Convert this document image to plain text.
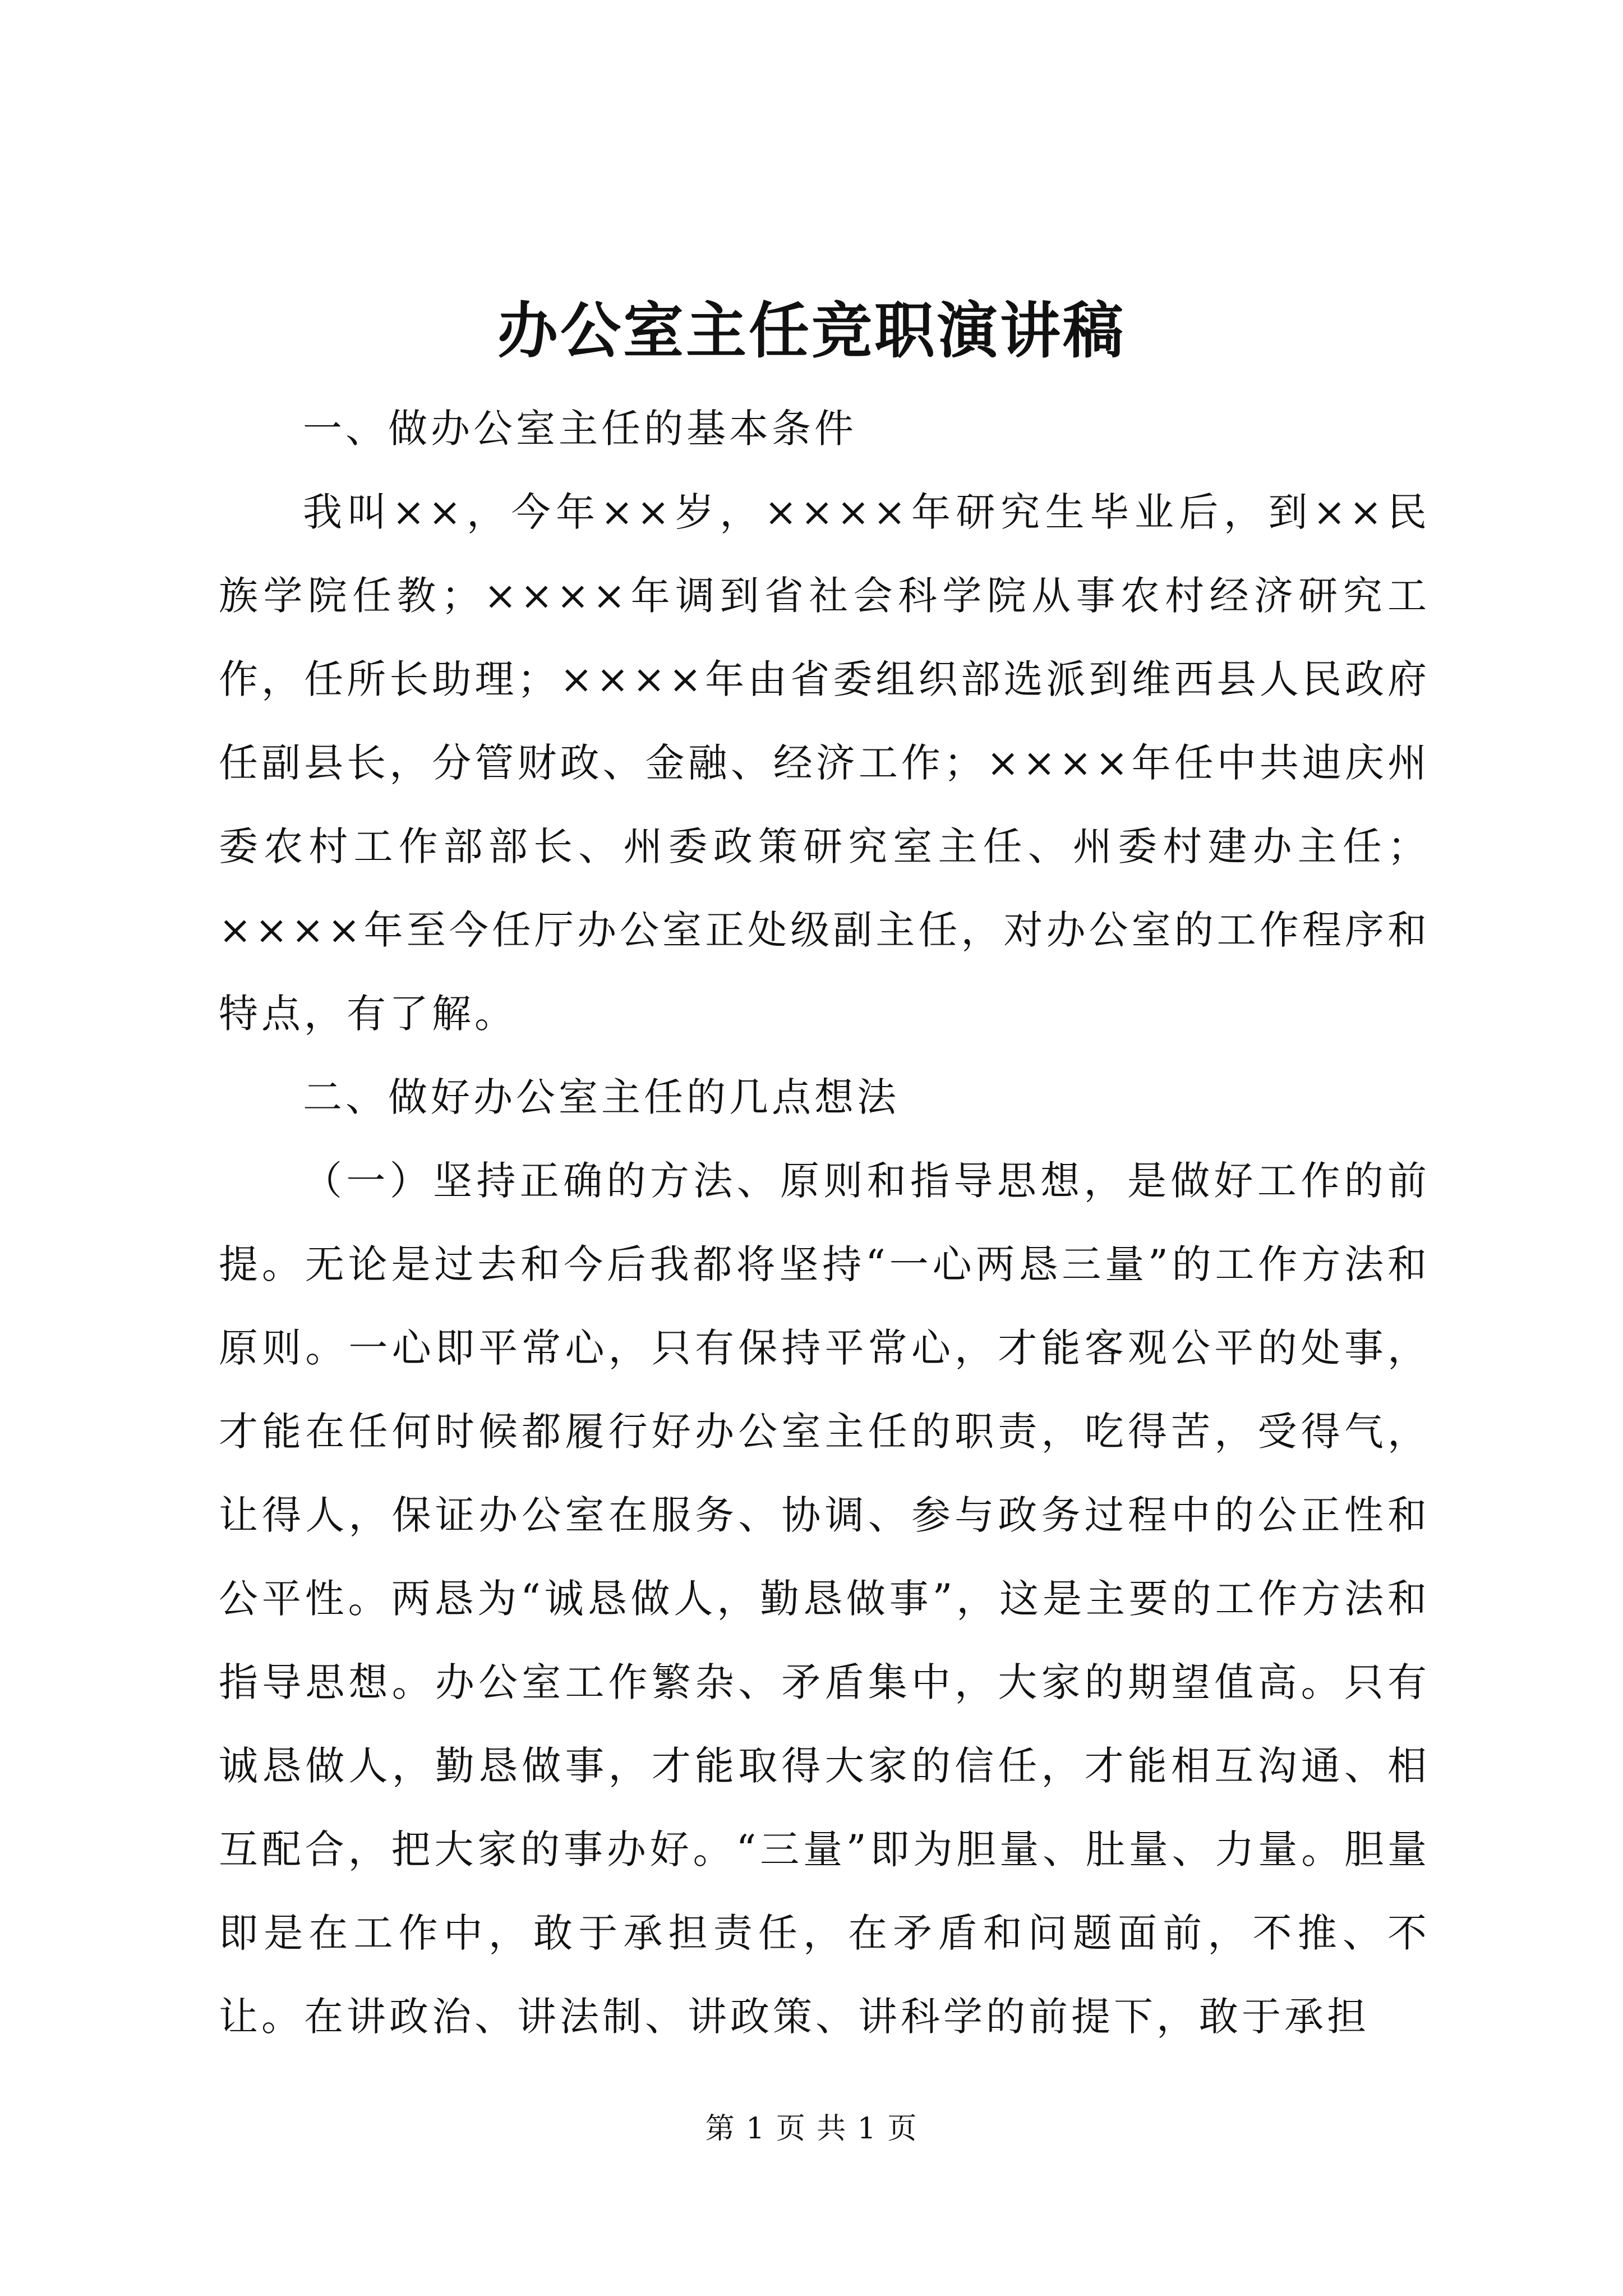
办公室主任竞职演讲稿

一、做办公室主任的基本条件

我叫××，今年××岁，××××年研究生毕业后，到××民族学院任教；××××年调到省社会科学院从事农村经济研究工作，任所长助理；××××年由省委组织部选派到维西县人民政府任副县长，分管财政、金融、经济工作；××××年任中共迪庆州委农村工作部部长、州委政策研究室主任、州委村建办主任；××××年至今任厅办公室正处级副主任，对办公室的工作程序和特点，有了解。

二、做好办公室主任的几点想法

（一）坚持正确的方法、原则和指导思想，是做好工作的前提。无论是过去和今后我都将坚持“一心两恳三量”的工作方法和原则。一心即平常心，只有保持平常心，才能客观公平的处事，才能在任何时候都履行好办公室主任的职责，吃得苦，受得气，让得人，保证办公室在服务、协调、参与政务过程中的公正性和公平性。两恳为“诚恳做人，勤恳做事”，这是主要的工作方法和指导思想。办公室工作繁杂、矛盾集中，大家的期望值高。只有诚恳做人，勤恳做事，才能取得大家的信任，才能相互沟通、相互配合，把大家的事办好。“三量”即为胆量、肚量、力量。胆量即是在工作中，敢于承担责任，在矛盾和问题面前，不推、不让。在讲政治、讲法制、讲政策、讲科学的前提下，敢于承担

第 1 页 共 1 页
